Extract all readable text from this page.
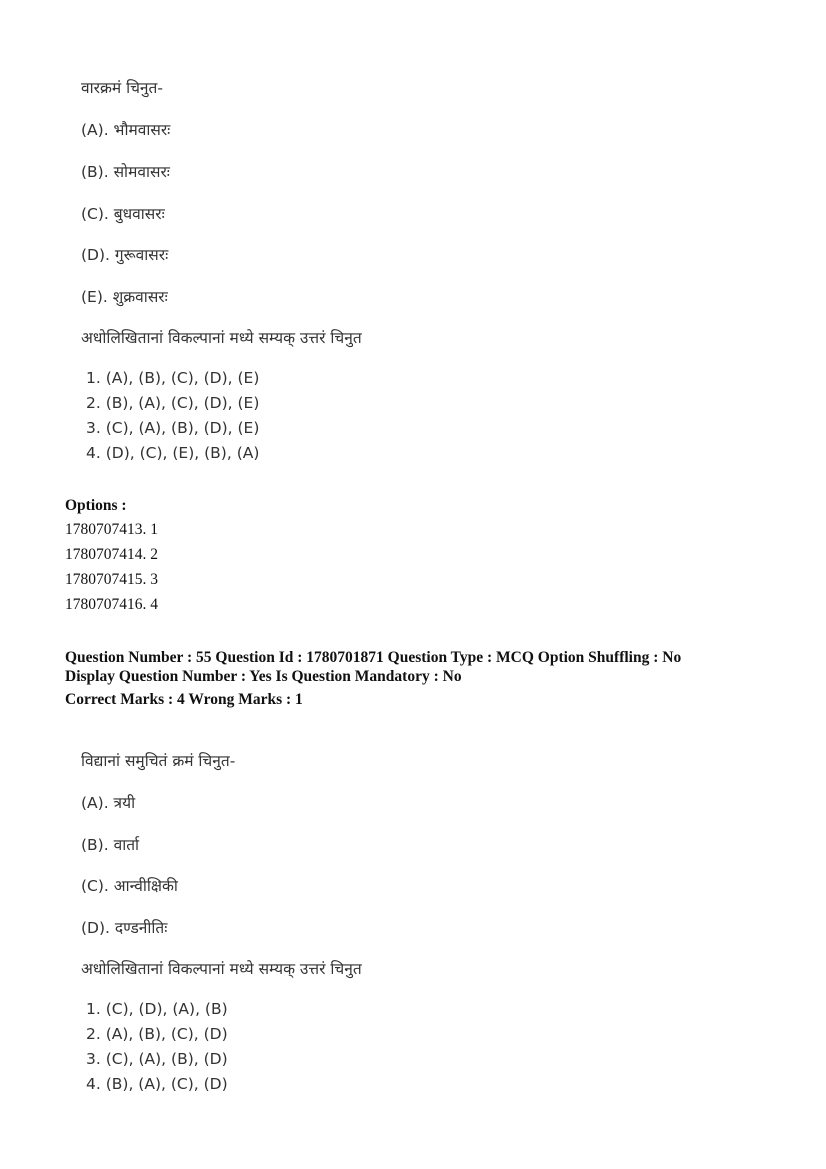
वारक्रमं चिनुत-
(A). भौमवासरः
(B). सोमवासरः
(C). बुधवासरः
(D). गुरूवासरः
(E). शुक्रवासरः
अधोलिखितानां विकल्पानां मध्ये सम्यक् उत्तरं चिनुत
1. (A), (B), (C), (D), (E)
2. (B), (A), (C), (D), (E)
3. (C), (A), (B), (D), (E)
4. (D), (C), (E), (B), (A)
Options :
1780707413. 1
1780707414. 2
1780707415. 3
1780707416. 4
Question Number : 55 Question Id : 1780701871 Question Type : MCQ Option Shuffling : No
Display Question Number : Yes Is Question Mandatory : No
Correct Marks : 4 Wrong Marks : 1
विद्यानां समुचितं क्रमं चिनुत-
(A). त्रयी
(B). वार्ता
(C). आन्वीक्षिकी
(D). दण्डनीतिः
अधोलिखितानां विकल्पानां मध्ये सम्यक् उत्तरं चिनुत
1. (C), (D), (A), (B)
2. (A), (B), (C), (D)
3. (C), (A), (B), (D)
4. (B), (A), (C), (D)
